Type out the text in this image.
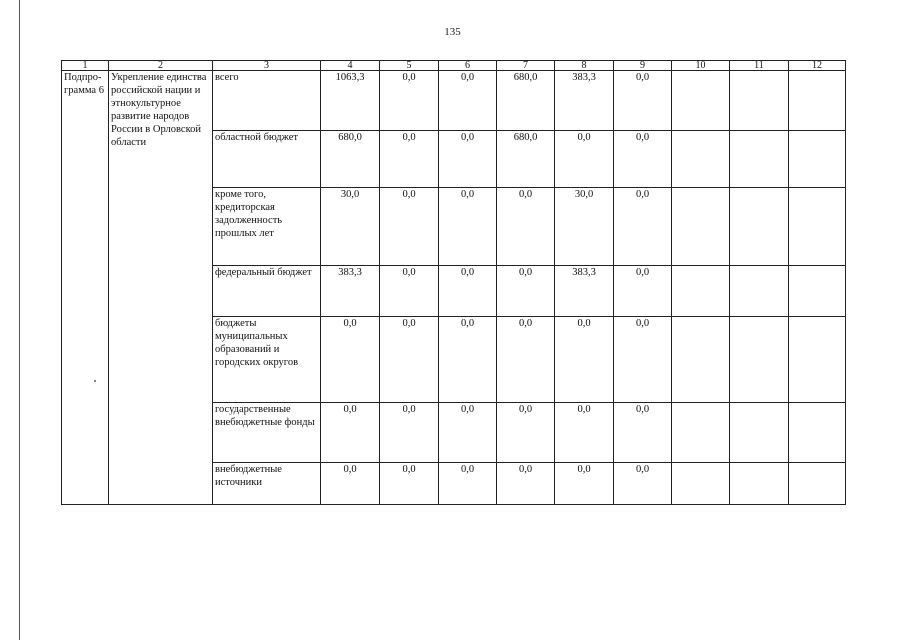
135
1	2	3	4	5	6	7	8	9	10	11	12
Подпро-грамма 6	Укрепление единства российской нации и этнокультурное развитие народов России в Орловской области	всего	1063,3	0,0	0,0	680,0	383,3	0,0			
		областной бюджет	680,0	0,0	0,0	680,0	0,0	0,0			
		кроме того, кредиторская задолженность прошлых лет	30,0	0,0	0,0	0,0	30,0	0,0			
		федеральный бюджет	383,3	0,0	0,0	0,0	383,3	0,0			
		бюджеты муниципальных образований и городских округов	0,0	0,0	0,0	0,0	0,0	0,0			
		государственные внебюджетные фонды	0,0	0,0	0,0	0,0	0,0	0,0			
		внебюджетные источники	0,0	0,0	0,0	0,0	0,0	0,0			
